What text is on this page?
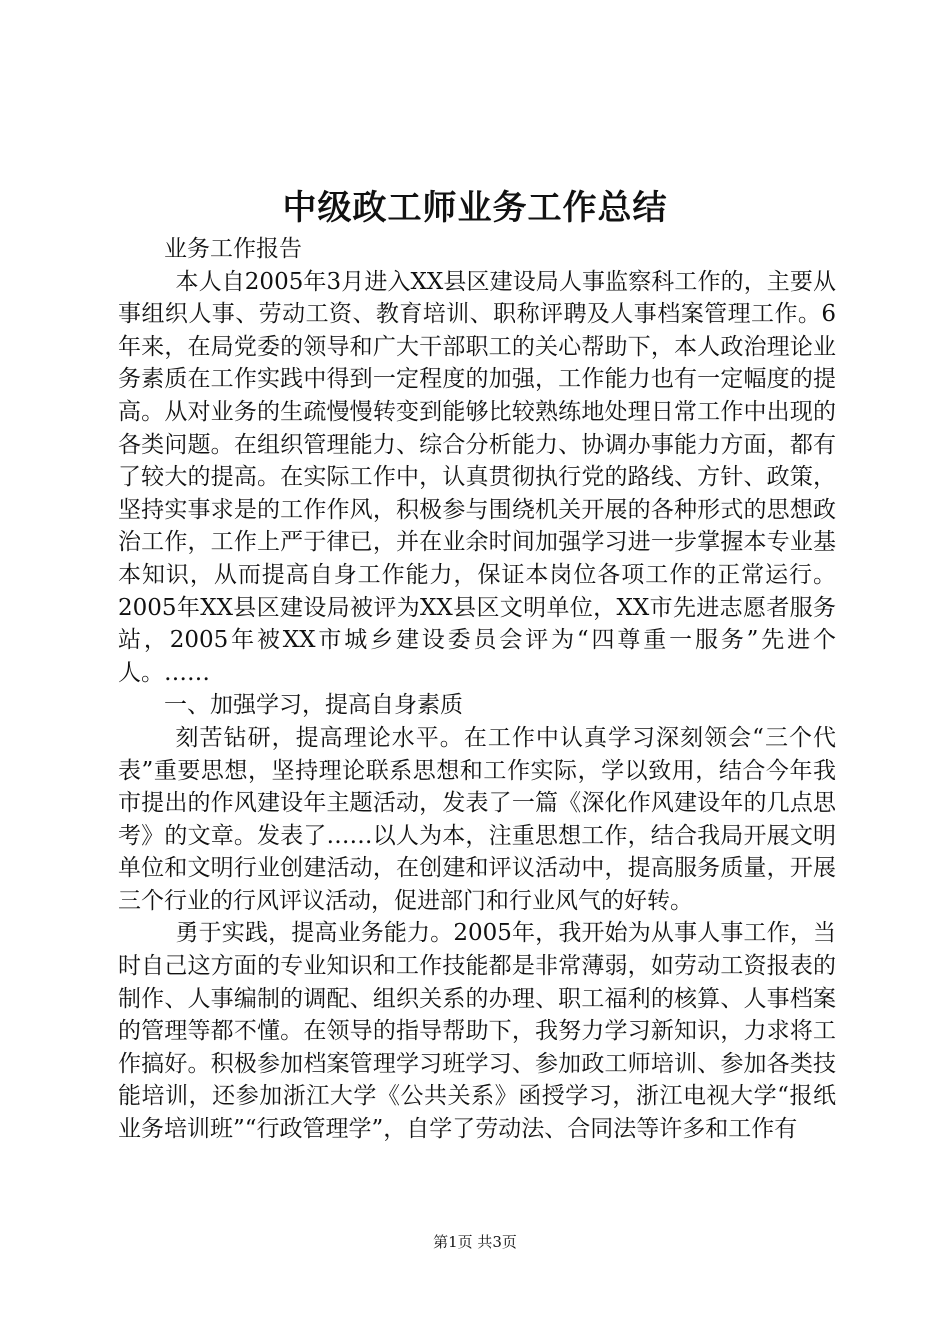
中级政工师业务工作总结

业务工作报告

本人自2005年3月进入XX县区建设局人事监察科工作的，主要从事组织人事、劳动工资、教育培训、职称评聘及人事档案管理工作。6年来，在局党委的领导和广大干部职工的关心帮助下，本人政治理论业务素质在工作实践中得到一定程度的加强，工作能力也有一定幅度的提高。从对业务的生疏慢慢转变到能够比较熟练地处理日常工作中出现的各类问题。在组织管理能力、综合分析能力、协调办事能力方面，都有了较大的提高。在实际工作中，认真贯彻执行党的路线、方针、政策，坚持实事求是的工作作风，积极参与围绕机关开展的各种形式的思想政治工作，工作上严于律已，并在业余时间加强学习进一步掌握本专业基本知识，从而提高自身工作能力，保证本岗位各项工作的正常运行。2005年XX县区建设局被评为XX县区文明单位，XX市先进志愿者服务站，2005年被XX市城乡建设委员会评为“四尊重一服务”先进个人。……

一、加强学习，提高自身素质

刻苦钻研，提高理论水平。在工作中认真学习深刻领会“三个代表”重要思想，坚持理论联系思想和工作实际，学以致用，结合今年我市提出的作风建设年主题活动，发表了一篇《深化作风建设年的几点思考》的文章。发表了……以人为本，注重思想工作，结合我局开展文明单位和文明行业创建活动，在创建和评议活动中，提高服务质量，开展三个行业的行风评议活动，促进部门和行业风气的好转。

勇于实践，提高业务能力。2005年，我开始为从事人事工作，当时自己这方面的专业知识和工作技能都是非常薄弱，如劳动工资报表的制作、人事编制的调配、组织关系的办理、职工福利的核算、人事档案的管理等都不懂。在领导的指导帮助下，我努力学习新知识，力求将工作搞好。积极参加档案管理学习班学习、参加政工师培训、参加各类技能培训，还参加浙江大学《公共关系》函授学习，浙江电视大学“报纸业务培训班”“行政管理学”，自学了劳动法、合同法等许多和工作有

第1页 共3页
